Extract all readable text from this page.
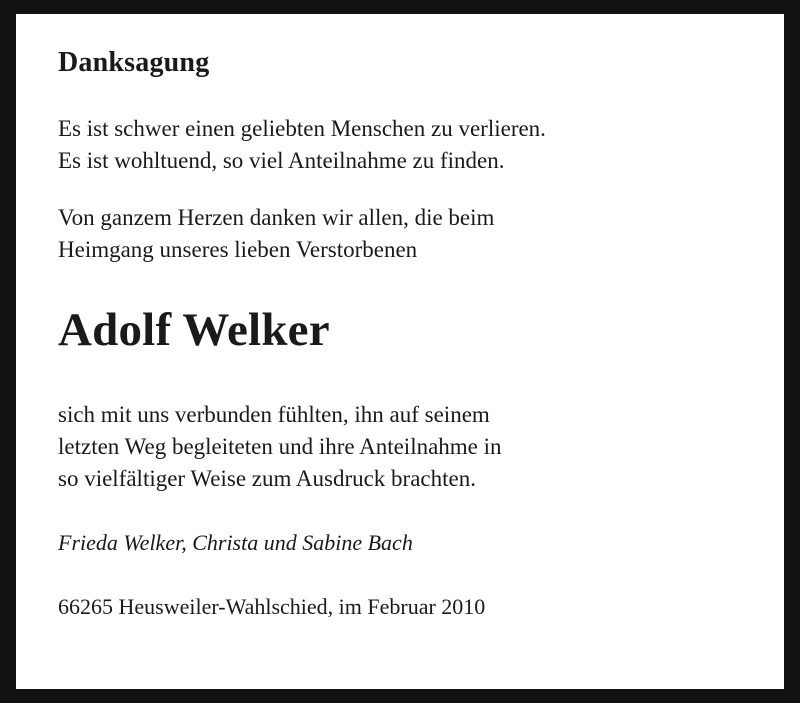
Danksagung
Es ist schwer einen geliebten Menschen zu verlieren.
Es ist wohltuend, so viel Anteilnahme zu finden.
Von ganzem Herzen danken wir allen, die beim
Heimgang unseres lieben Verstorbenen
Adolf Welker
sich mit uns verbunden fühlten, ihn auf seinem
letzten Weg begleiteten und ihre Anteilnahme in
so vielfältiger Weise zum Ausdruck brachten.
Frieda Welker, Christa und Sabine Bach
66265 Heusweiler-Wahlschied, im Februar 2010
